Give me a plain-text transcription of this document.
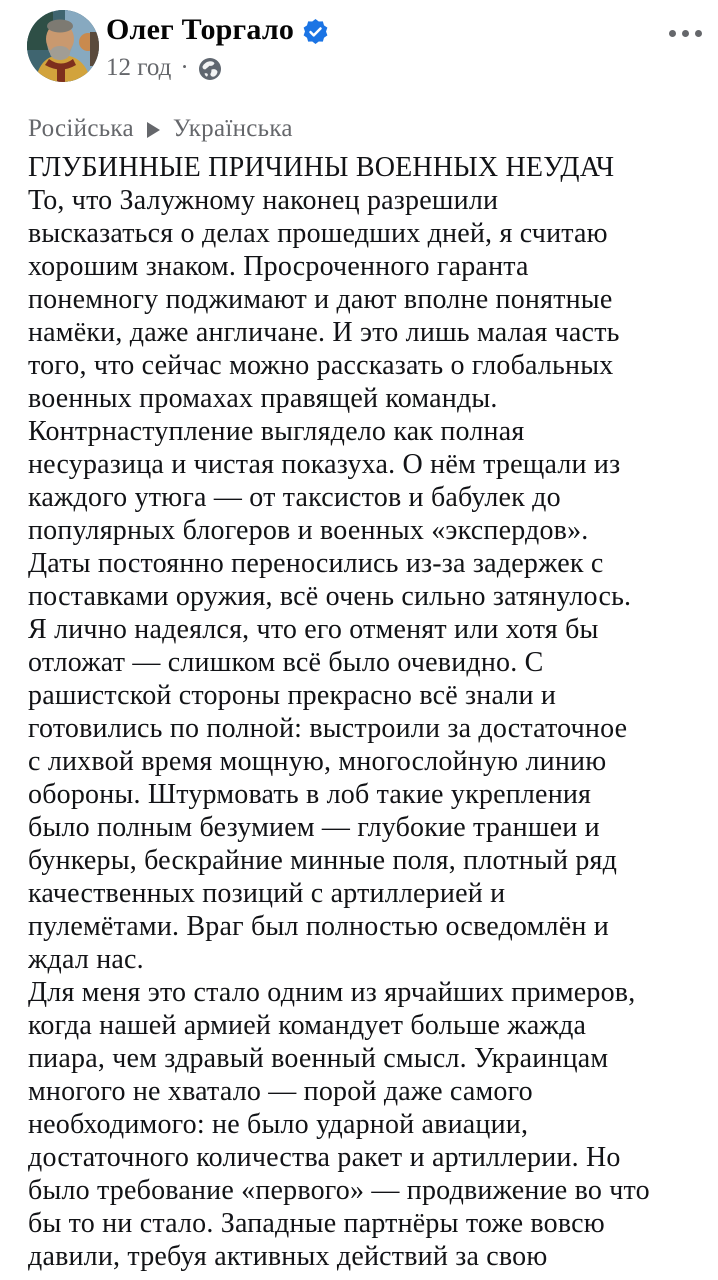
Олег Торгало
12 год ·
Російська Українська
ГЛУБИННЫЕ ПРИЧИНЫ ВОЕННЫХ НЕУДАЧ
То, что Залужному наконец разрешили
высказаться о делах прошедших дней, я считаю
хорошим знаком. Просроченного гаранта
понемногу поджимают и дают вполне понятные
намёки, даже англичане. И это лишь малая часть
того, что сейчас можно рассказать о глобальных
военных промахах правящей команды.
Контрнаступление выглядело как полная
несуразица и чистая показуха. О нём трещали из
каждого утюга — от таксистов и бабулек до
популярных блогеров и военных «экспердов».
Даты постоянно переносились из-за задержек с
поставками оружия, всё очень сильно затянулось.
Я лично надеялся, что его отменят или хотя бы
отложат — слишком всё было очевидно. С
рашистской стороны прекрасно всё знали и
готовились по полной: выстроили за достаточное
с лихвой время мощную, многослойную линию
обороны. Штурмовать в лоб такие укрепления
было полным безумием — глубокие траншеи и
бункеры, бескрайние минные поля, плотный ряд
качественных позиций с артиллерией и
пулемётами. Враг был полностью осведомлён и
ждал нас.
Для меня это стало одним из ярчайших примеров,
когда нашей армией командует больше жажда
пиара, чем здравый военный смысл. Украинцам
многого не хватало — порой даже самого
необходимого: не было ударной авиации,
достаточного количества ракет и артиллерии. Но
было требование «первого» — продвижение во что
бы то ни стало. Западные партнёры тоже вовсю
давили, требуя активных действий за свою
